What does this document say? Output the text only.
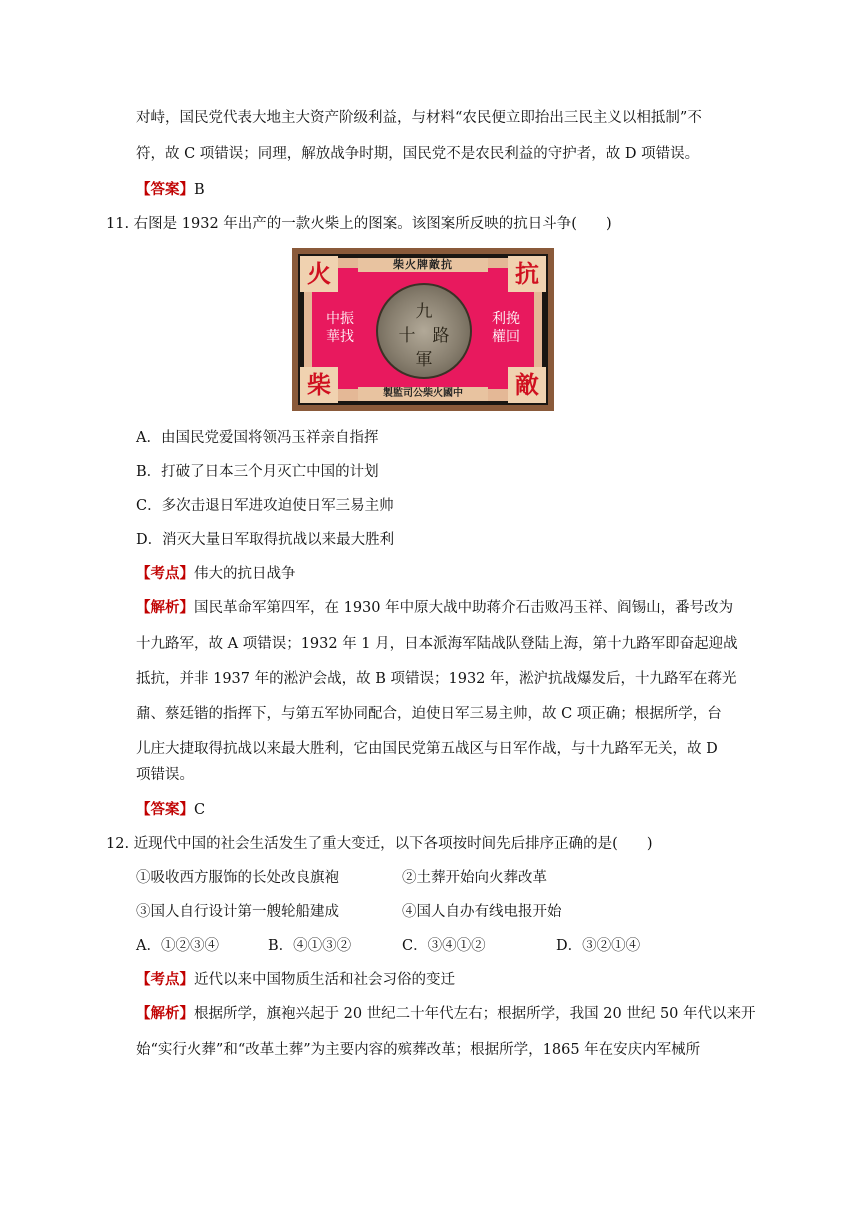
对峙，国民党代表大地主大资产阶级利益，与材料“农民便立即抬出三民主义以相抵制”不
符，故 C 项错误；同理，解放战争时期，国民党不是农民利益的守护者，故 D 项错误。
【答案】B
11. 右图是 1932 年出产的一款火柴上的图案。该图案所反映的抗日斗争(　　)
柴火牌敵抗
製監司公柴火國中
火	抗
柴	敵
中振
華找
利挽
權回
九
十　路
軍
A．由国民党爱国将领冯玉祥亲自指挥
B．打破了日本三个月灭亡中国的计划
C．多次击退日军进攻迫使日军三易主帅
D．消灭大量日军取得抗战以来最大胜利
【考点】伟大的抗日战争
【解析】国民革命军第四军，在 1930 年中原大战中助蒋介石击败冯玉祥、阎锡山，番号改为
十九路军，故 A 项错误；1932 年 1 月，日本派海军陆战队登陆上海，第十九路军即奋起迎战
抵抗，并非 1937 年的淞沪会战，故 B 项错误；1932 年，淞沪抗战爆发后，十九路军在蒋光
鼐、蔡廷锴的指挥下，与第五军协同配合，迫使日军三易主帅，故 C 项正确；根据所学，台
儿庄大捷取得抗战以来最大胜利，它由国民党第五战区与日军作战，与十九路军无关，故 D
项错误。
【答案】C
12. 近现代中国的社会生活发生了重大变迁，以下各项按时间先后排序正确的是(　　)
①吸收西方服饰的长处改良旗袍	②土葬开始向火葬改革
③国人自行设计第一艘轮船建成	④国人自办有线电报开始
A．①②③④	B．④①③②	C．③④①②	D．③②①④
【考点】近代以来中国物质生活和社会习俗的变迁
【解析】根据所学，旗袍兴起于 20 世纪二十年代左右；根据所学，我国 20 世纪 50 年代以来开
始“实行火葬”和“改革土葬”为主要内容的殡葬改革；根据所学，1865 年在安庆内军械所
